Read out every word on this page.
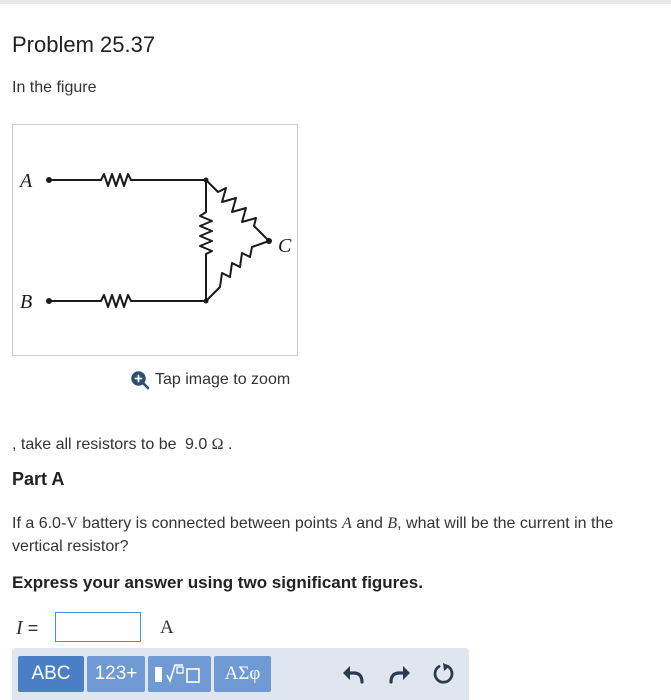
Problem 25.37
In the figure
A
B
C
Tap image to zoom
, take all resistors to be 9.0 Ω .
Part A
If a 6.0-V battery is connected between points A and B, what will be the current in the vertical resistor?
Express your answer using two significant figures.
I =	A
ABC	123+	ΑΣφ
